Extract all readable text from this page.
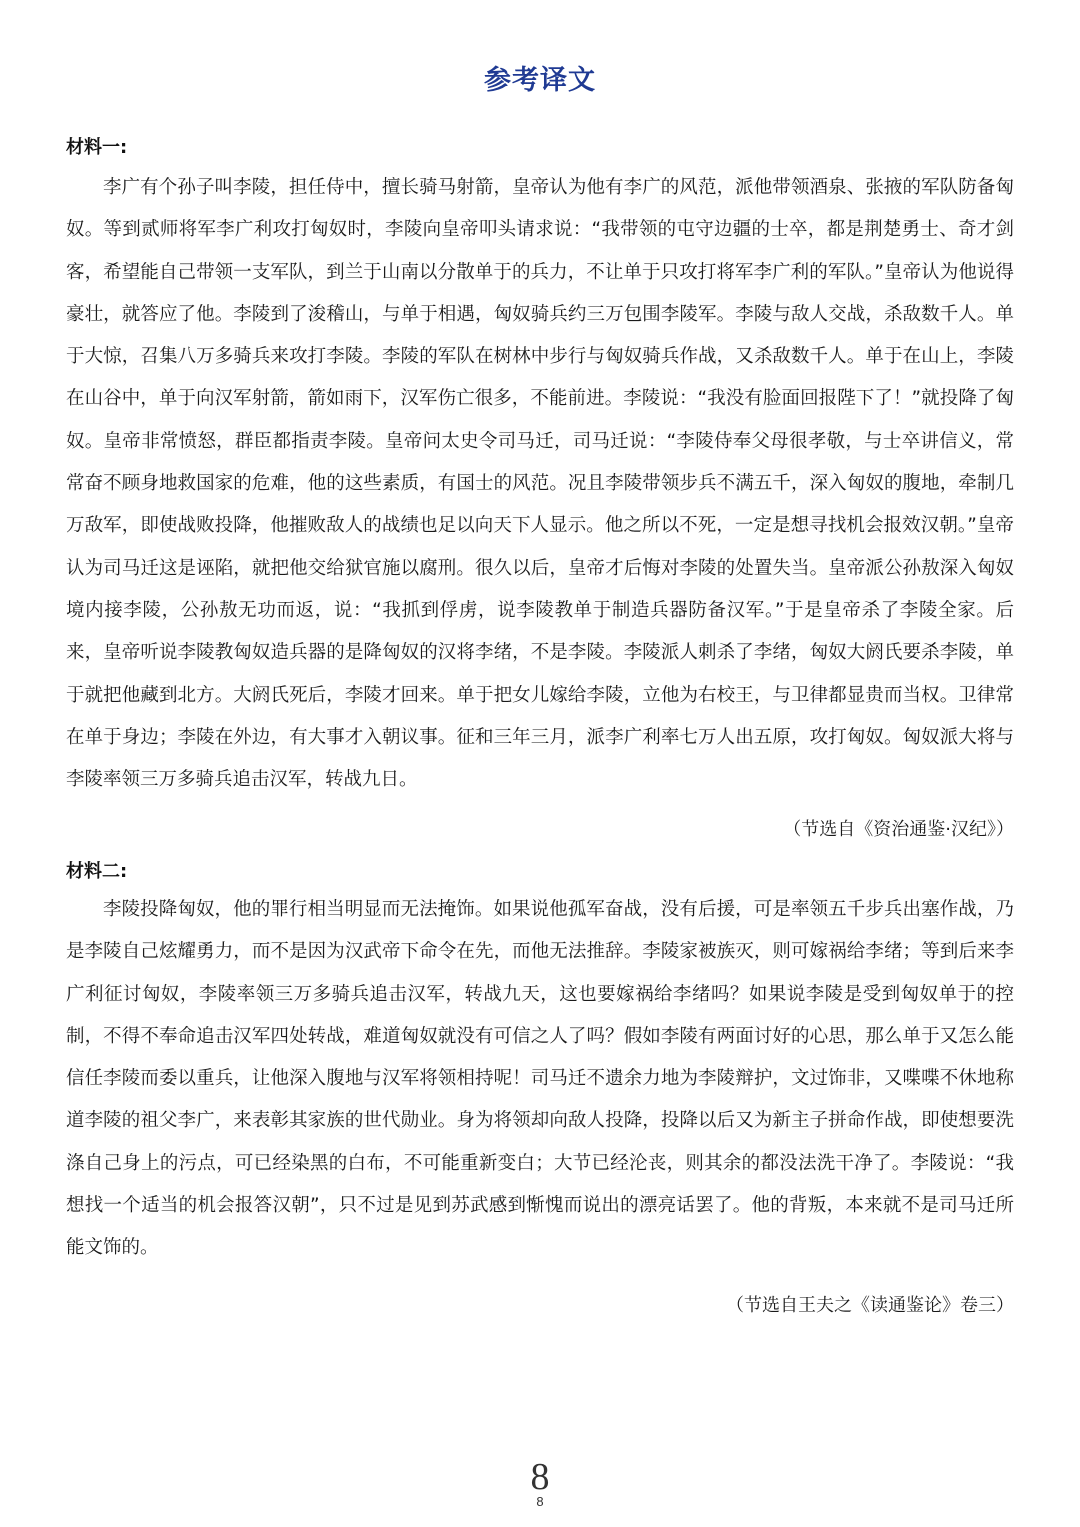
参考译文
材料一:

李广有个孙子叫李陵，担任侍中，擅长骑马射箭，皇帝认为他有李广的风范，派他带领酒泉、张掖的军队防备匈奴。等到贰师将军李广利攻打匈奴时，李陵向皇帝叩头请求说：“我带领的屯守边疆的士卒，都是荆楚勇士、奇才剑客，希望能自己带领一支军队，到兰于山南以分散单于的兵力，不让单于只攻打将军李广利的军队。”皇帝认为他说得豪壮，就答应了他。李陵到了浚稽山，与单于相遇，匈奴骑兵约三万包围李陵军。李陵与敌人交战，杀敌数千人。单于大惊，召集八万多骑兵来攻打李陵。李陵的军队在树林中步行与匈奴骑兵作战，又杀敌数千人。单于在山上，李陵在山谷中，单于向汉军射箭，箭如雨下，汉军伤亡很多，不能前进。李陵说：“我没有脸面回报陛下了！”就投降了匈奴。皇帝非常愤怒，群臣都指责李陵。皇帝问太史令司马迁，司马迁说：“李陵侍奉父母很孝敬，与士卒讲信义，常常奋不顾身地救国家的危难，他的这些素质，有国士的风范。况且李陵带领步兵不满五千，深入匈奴的腹地，牵制几万敌军，即使战败投降，他摧败敌人的战绩也足以向天下人显示。他之所以不死，一定是想寻找机会报效汉朝。”皇帝认为司马迁这是诬陷，就把他交给狱官施以腐刑。很久以后，皇帝才后悔对李陵的处置失当。皇帝派公孙敖深入匈奴境内接李陵，公孙敖无功而返，说：“我抓到俘虏，说李陵教单于制造兵器防备汉军。”于是皇帝杀了李陵全家。后来，皇帝听说李陵教匈奴造兵器的是降匈奴的汉将李绪，不是李陵。李陵派人刺杀了李绪，匈奴大阏氏要杀李陵，单于就把他藏到北方。大阏氏死后，李陵才回来。单于把女儿嫁给李陵，立他为右校王，与卫律都显贵而当权。卫律常在单于身边；李陵在外边，有大事才入朝议事。征和三年三月，派李广利率七万人出五原，攻打匈奴。匈奴派大将与李陵率领三万多骑兵追击汉军，转战九日。

（节选自《资治通鉴·汉纪》）
材料二:

李陵投降匈奴，他的罪行相当明显而无法掩饰。如果说他孤军奋战，没有后援，可是率领五千步兵出塞作战，乃是李陵自己炫耀勇力，而不是因为汉武帝下命令在先，而他无法推辞。李陵家被族灭，则可嫁祸给李绪；等到后来李广利征讨匈奴，李陵率领三万多骑兵追击汉军，转战九天，这也要嫁祸给李绪吗？如果说李陵是受到匈奴单于的控制，不得不奉命追击汉军四处转战，难道匈奴就没有可信之人了吗？假如李陵有两面讨好的心思，那么单于又怎么能信任李陵而委以重兵，让他深入腹地与汉军将领相持呢！司马迁不遗余力地为李陵辩护，文过饰非，又喋喋不休地称道李陵的祖父李广，来表彰其家族的世代勋业。身为将领却向敌人投降，投降以后又为新主子拼命作战，即使想要洗涤自己身上的污点，可已经染黑的白布，不可能重新变白；大节已经沦丧，则其余的都没法洗干净了。李陵说：“我想找一个适当的机会报答汉朝”，只不过是见到苏武感到惭愧而说出的漂亮话罢了。他的背叛，本来就不是司马迁所能文饰的。

（节选自王夫之《读通鉴论》卷三）
8
8
